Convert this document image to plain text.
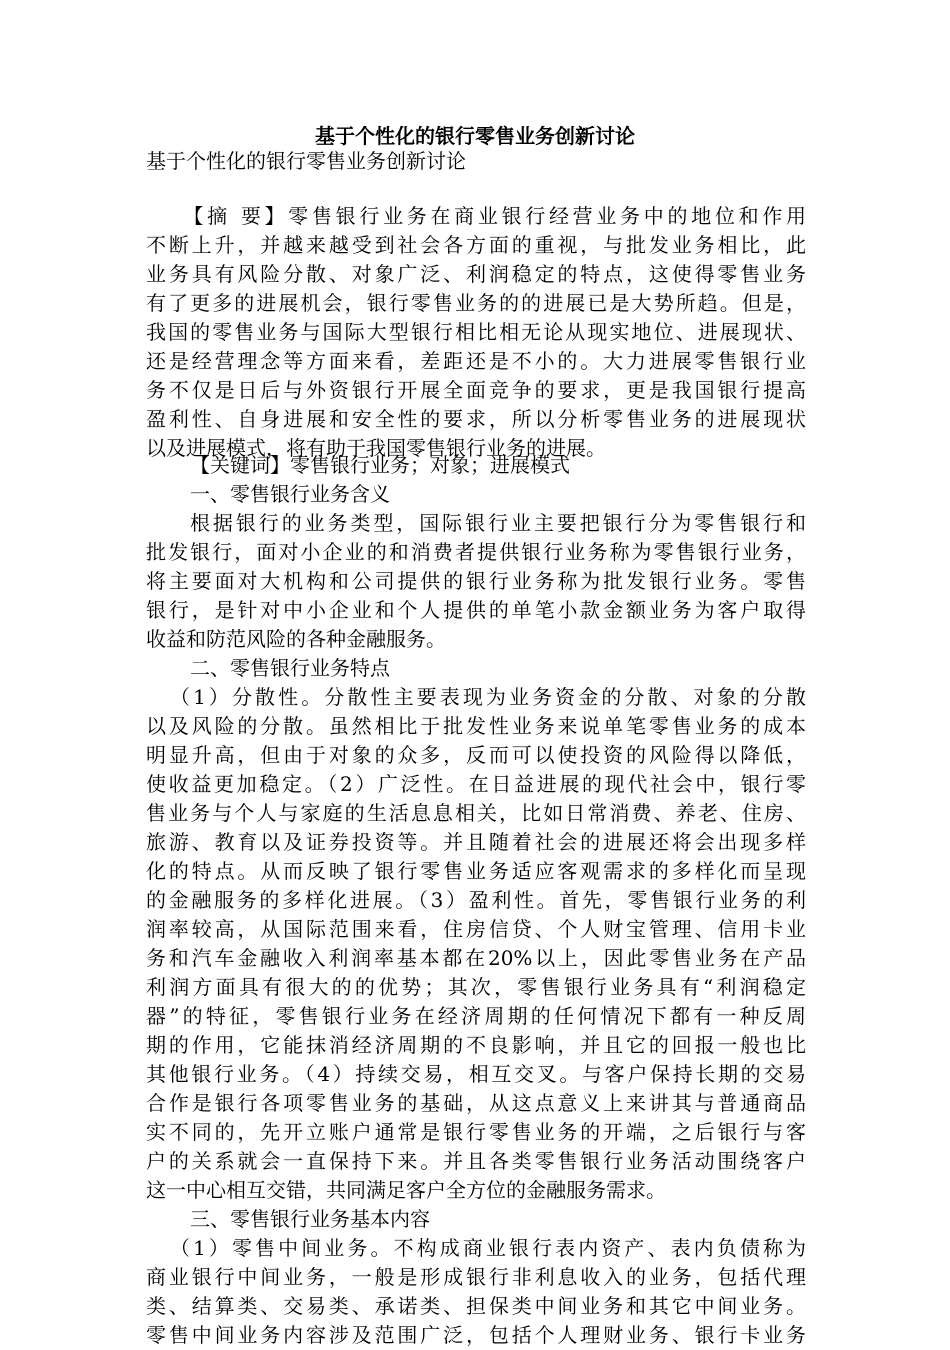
基于个性化的银行零售业务创新讨论

基于个性化的银行零售业务创新讨论

　　【摘 要】零售银行业务在商业银行经营业务中的地位和作用

不断上升，并越来越受到社会各方面的重视，与批发业务相比，此

业务具有风险分散、对象广泛、利润稳定的特点，这使得零售业务

有了更多的进展机会，银行零售业务的的进展已是大势所趋。但是，

我国的零售业务与国际大型银行相比相无论从现实地位、进展现状、

还是经营理念等方面来看，差距还是不小的。大力进展零售银行业

务不仅是日后与外资银行开展全面竞争的要求，更是我国银行提高

盈利性、自身进展和安全性的要求，所以分析零售业务的进展现状

以及进展模式，将有助于我国零售银行业务的进展。

【关键词】零售银行业务；对象；进展模式

一、零售银行业务含义

根据银行的业务类型，国际银行业主要把银行分为零售银行和

批发银行，面对小企业的和消费者提供银行业务称为零售银行业务，

将主要面对大机构和公司提供的银行业务称为批发银行业务。零售

银行，是针对中小企业和个人提供的单笔小款金额业务为客户取得

收益和防范风险的各种金融服务。

二、零售银行业务特点

（1）分散性。分散性主要表现为业务资金的分散、对象的分散

以及风险的分散。虽然相比于批发性业务来说单笔零售业务的成本

明显升高，但由于对象的众多，反而可以使投资的风险得以降低，

使收益更加稳定。（2）广泛性。在日益进展的现代社会中，银行零

售业务与个人与家庭的生活息息相关，比如日常消费、养老、住房、

旅游、教育以及证券投资等。并且随着社会的进展还将会出现多样

化的特点。从而反映了银行零售业务适应客观需求的多样化而呈现

的金融服务的多样化进展。（3）盈利性。首先，零售银行业务的利

润率较高，从国际范围来看，住房信贷、个人财宝管理、信用卡业

务和汽车金融收入利润率基本都在20%以上，因此零售业务在产品

利润方面具有很大的的优势；其次，零售银行业务具有“利润稳定

器”的特征，零售银行业务在经济周期的任何情况下都有一种反周

期的作用，它能抹消经济周期的不良影响，并且它的回报一般也比

其他银行业务。（4）持续交易，相互交叉。与客户保持长期的交易

合作是银行各项零售业务的基础，从这点意义上来讲其与普通商品

实不同的，先开立账户通常是银行零售业务的开端，之后银行与客

户的关系就会一直保持下来。并且各类零售银行业务活动围绕客户

这一中心相互交错，共同满足客户全方位的金融服务需求。

三、零售银行业务基本内容

（1）零售中间业务。不构成商业银行表内资产、表内负债称为

商业银行中间业务，一般是形成银行非利息收入的业务，包括代理

类、结算类、交易类、承诺类、担保类中间业务和其它中间业务。

零售中间业务内容涉及范围广泛，包括个人理财业务、银行卡业务
